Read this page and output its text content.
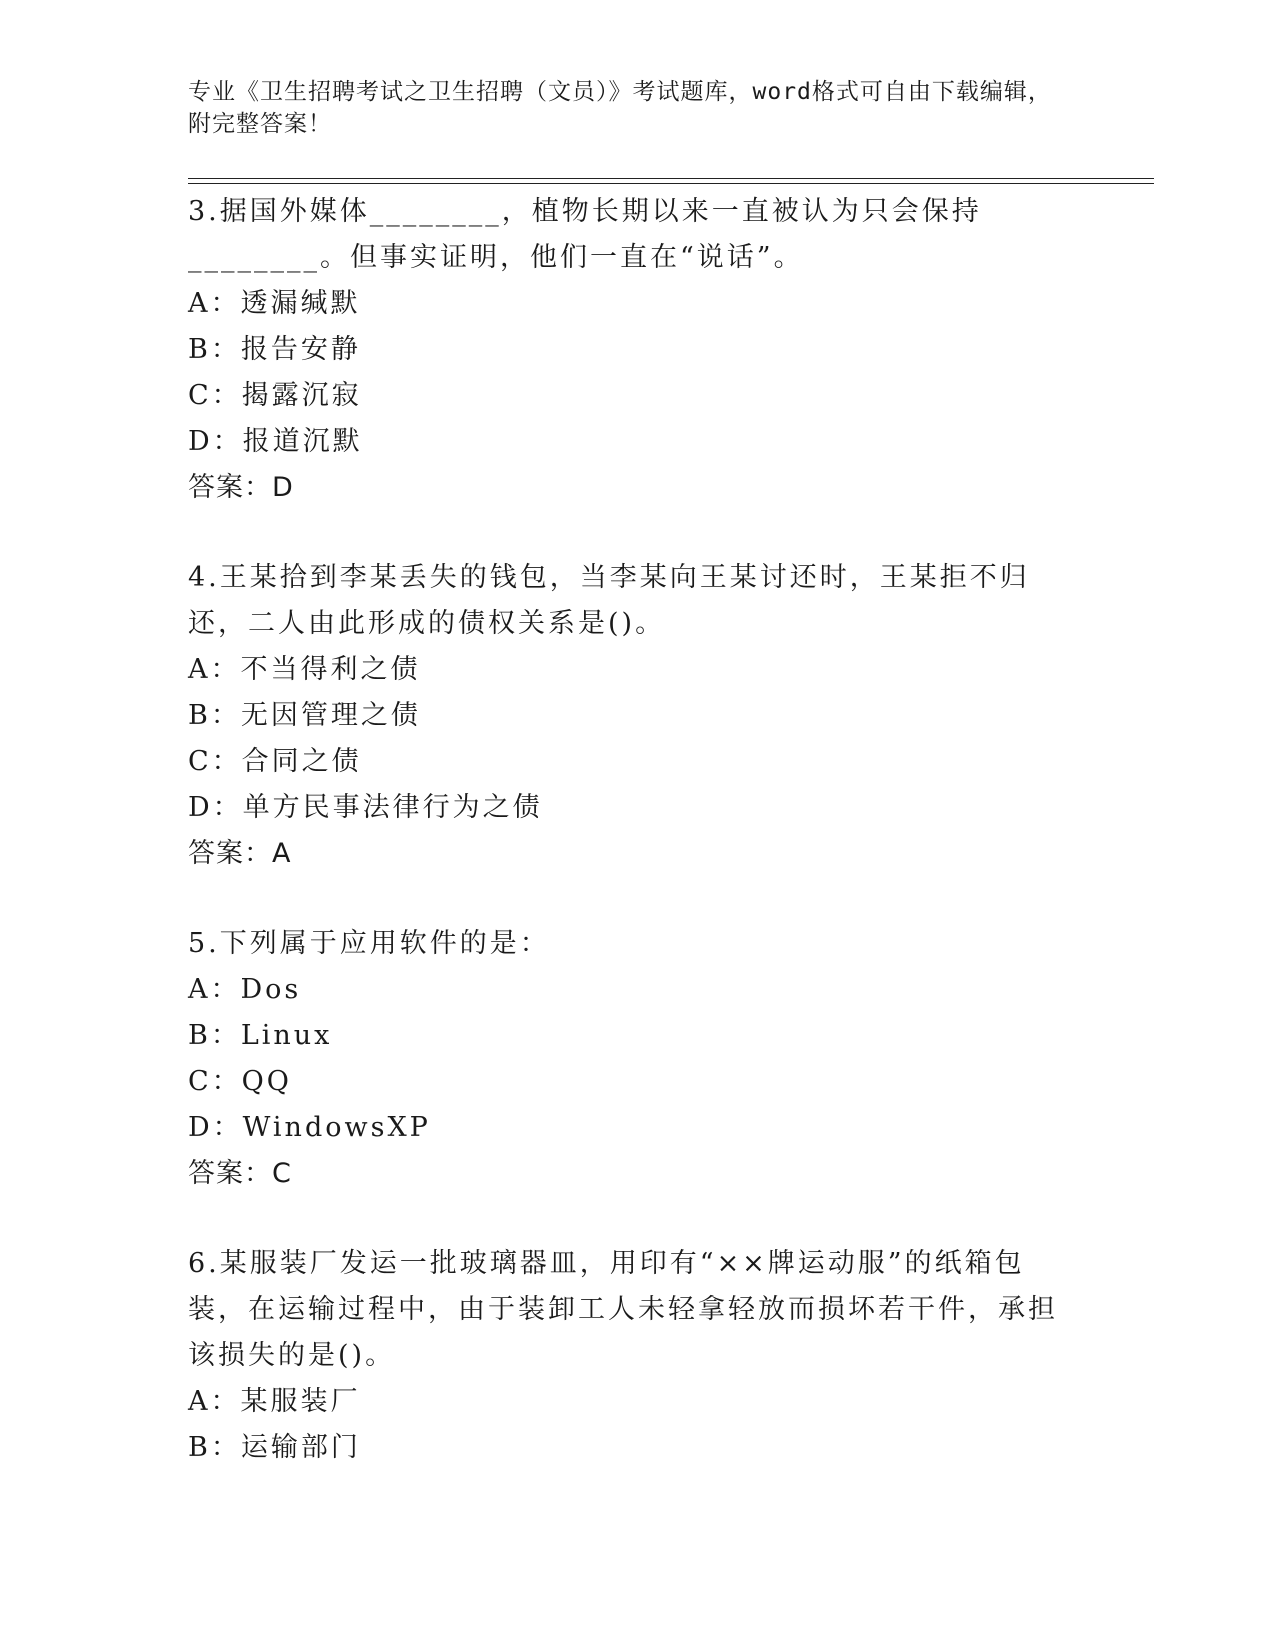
专业《卫生招聘考试之卫生招聘（文员）》考试题库，word格式可自由下载编辑，附完整答案！
3.据国外媒体________，植物长期以来一直被认为只会保持________。但事实证明，他们一直在“说话”。
A：透漏缄默
B：报告安静
C：揭露沉寂
D：报道沉默
答案：D
4.王某拾到李某丢失的钱包，当李某向王某讨还时，王某拒不归还，二人由此形成的债权关系是()。
A：不当得利之债
B：无因管理之债
C：合同之债
D：单方民事法律行为之债
答案：A
5.下列属于应用软件的是：
A：Dos
B：Linux
C：QQ
D：WindowsXP
答案：C
6.某服装厂发运一批玻璃器皿，用印有“××牌运动服”的纸箱包装，在运输过程中，由于装卸工人未轻拿轻放而损坏若干件，承担该损失的是()。
A：某服装厂
B：运输部门
